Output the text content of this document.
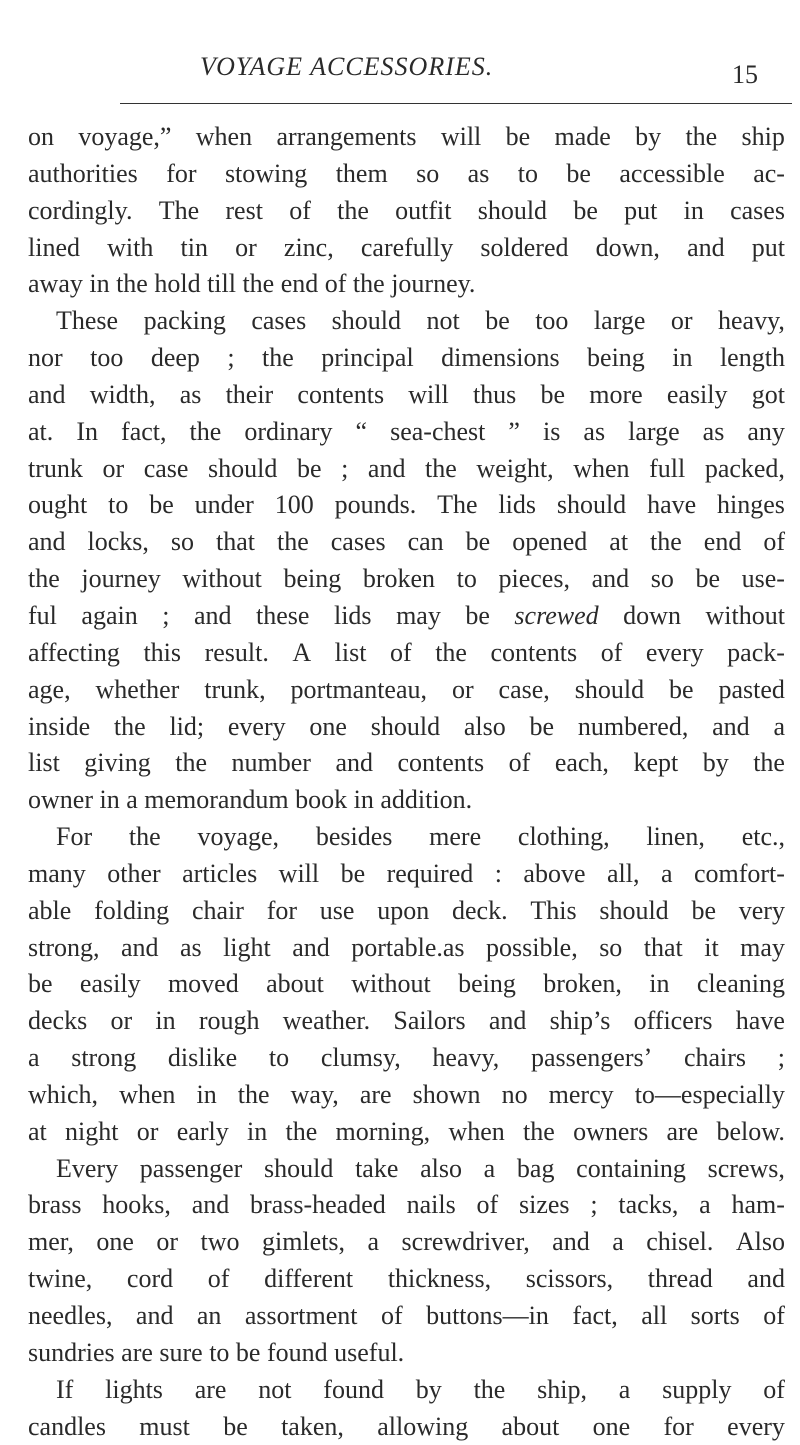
VOYAGE ACCESSORIES.	15
on voyage,” when arrangements will be made by the ship
authorities for stowing them so as to be accessible ac-
cordingly. The rest of the outfit should be put in cases
lined with tin or zinc, carefully soldered down, and put
away in the hold till the end of the journey.
These packing cases should not be too large or heavy,
nor too deep ; the principal dimensions being in length
and width, as their contents will thus be more easily got
at. In fact, the ordinary “ sea-chest ” is as large as any
trunk or case should be ; and the weight, when full packed,
ought to be under 100 pounds. The lids should have hinges
and locks, so that the cases can be opened at the end of
the journey without being broken to pieces, and so be use-
ful again ; and these lids may be screwed down without
affecting this result. A list of the contents of every pack-
age, whether trunk, portmanteau, or case, should be pasted
inside the lid; every one should also be numbered, and a
list giving the number and contents of each, kept by the
owner in a memorandum book in addition.
For the voyage, besides mere clothing, linen, etc.,
many other articles will be required : above all, a comfort-
able folding chair for use upon deck. This should be very
strong, and as light and portable.as possible, so that it may
be easily moved about without being broken, in cleaning
decks or in rough weather. Sailors and ship’s officers have
a strong dislike to clumsy, heavy, passengers’ chairs ;
which, when in the way, are shown no mercy to—especially
at night or early in the morning, when the owners are below.
Every passenger should take also a bag containing screws,
brass hooks, and brass-headed nails of sizes ; tacks, a ham-
mer, one or two gimlets, a screwdriver, and a chisel. Also
twine, cord of different thickness, scissors, thread and
needles, and an assortment of buttons—in fact, all sorts of
sundries are sure to be found useful.
If lights are not found by the ship, a supply of
candles must be taken, allowing about one for every
